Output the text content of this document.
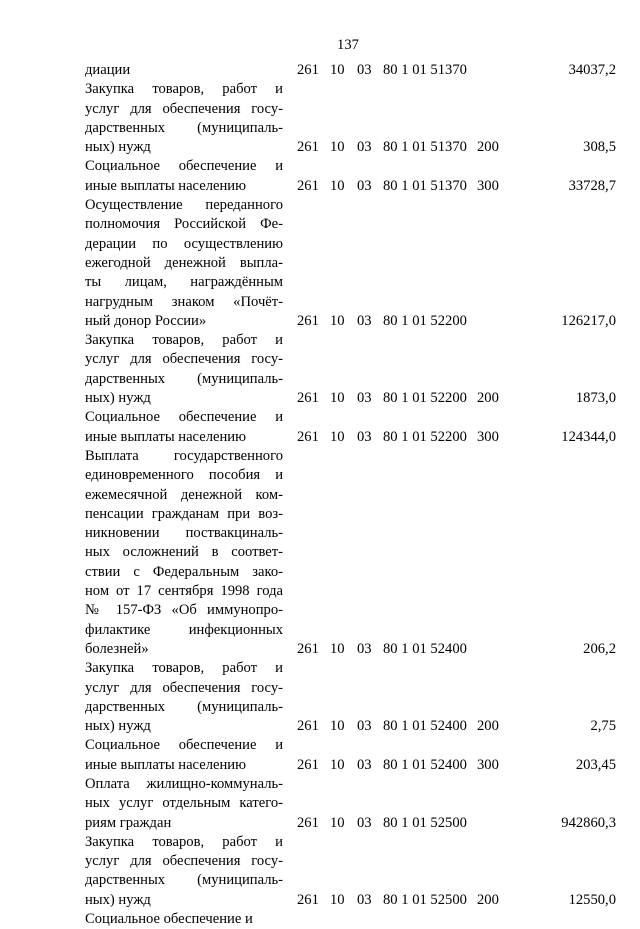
137
диации	261 10 03 80 1 01 51370	34037,2
Закупка товаров, работ и
услуг для обеспечения госу-
дарственных (муниципаль-
ных) нужд	261 10 03 80 1 01 51370 200	308,5
Социальное обеспечение и
иные выплаты населению	261 10 03 80 1 01 51370 300	33728,7
Осуществление переданного
полномочия Российской Фе-
дерации по осуществлению
ежегодной денежной выпла-
ты лицам, награждённым
нагрудным знаком «Почёт-
ный донор России»	261 10 03 80 1 01 52200	126217,0
Закупка товаров, работ и
услуг для обеспечения госу-
дарственных (муниципаль-
ных) нужд	261 10 03 80 1 01 52200 200	1873,0
Социальное обеспечение и
иные выплаты населению	261 10 03 80 1 01 52200 300	124344,0
Выплата государственного
единовременного пособия и
ежемесячной денежной ком-
пенсации гражданам при воз-
никновении поствакциналь-
ных осложнений в соответ-
ствии с Федеральным зако-
ном от 17 сентября 1998 года
№ 157-ФЗ «Об иммунопро-
филактике инфекционных
болезней»	261 10 03 80 1 01 52400	206,2
Закупка товаров, работ и
услуг для обеспечения госу-
дарственных (муниципаль-
ных) нужд	261 10 03 80 1 01 52400 200	2,75
Социальное обеспечение и
иные выплаты населению	261 10 03 80 1 01 52400 300	203,45
Оплата жилищно-коммуналь-
ных услуг отдельным катего-
риям граждан	261 10 03 80 1 01 52500	942860,3
Закупка товаров, работ и
услуг для обеспечения госу-
дарственных (муниципаль-
ных) нужд	261 10 03 80 1 01 52500 200	12550,0
Социальное обеспечение и
